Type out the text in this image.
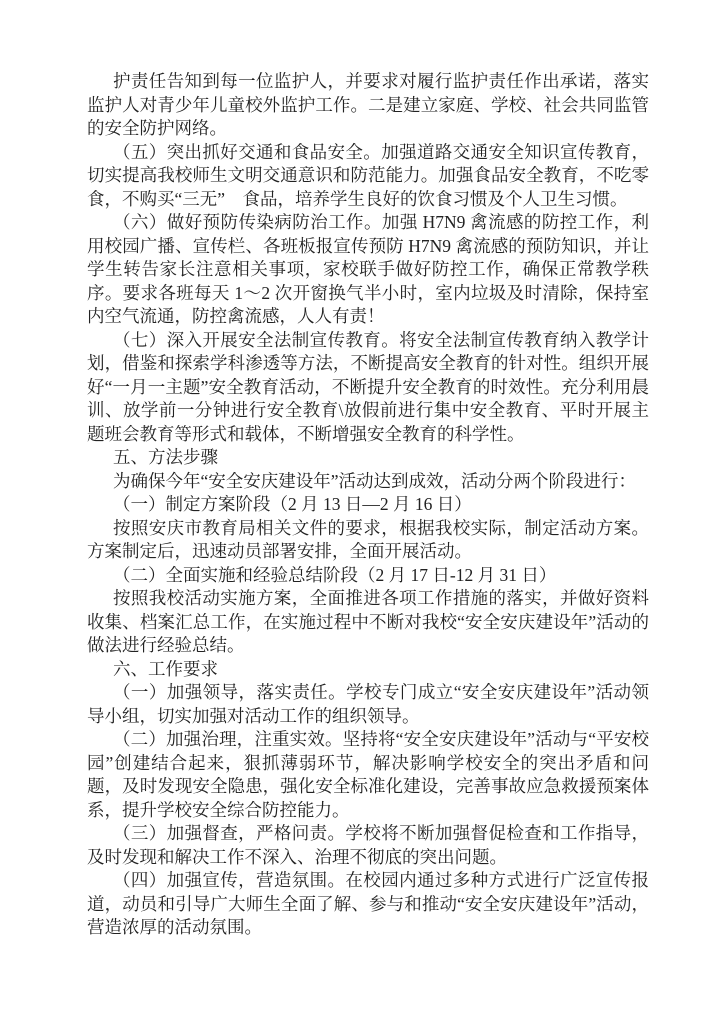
护责任告知到每一位监护人，并要求对履行监护责任作出承诺，落实监护人对青少年儿童校外监护工作。二是建立家庭、学校、社会共同监管的安全防护网络。

（五）突出抓好交通和食品安全。加强道路交通安全知识宣传教育，切实提高我校师生文明交通意识和防范能力。加强食品安全教育，不吃零食，不购买“三无”　食品，培养学生良好的饮食习惯及个人卫生习惯。

（六）做好预防传染病防治工作。加强 H7N9 禽流感的防控工作，利用校园广播、宣传栏、各班板报宣传预防 H7N9 禽流感的预防知识，并让学生转告家长注意相关事项，家校联手做好防控工作，确保正常教学秩序。要求各班每天 1～2 次开窗换气半小时，室内垃圾及时清除，保持室内空气流通，防控禽流感，人人有责！

（七）深入开展安全法制宣传教育。将安全法制宣传教育纳入教学计划，借鉴和探索学科渗透等方法，不断提高安全教育的针对性。组织开展好“一月一主题”安全教育活动，不断提升安全教育的时效性。充分利用晨训、放学前一分钟进行安全教育\放假前进行集中安全教育、平时开展主题班会教育等形式和载体，不断增强安全教育的科学性。

五、方法步骤

为确保今年“安全安庆建设年”活动达到成效，活动分两个阶段进行：

（一）制定方案阶段（2 月 13 日—2 月 16 日）

按照安庆市教育局相关文件的要求，根据我校实际，制定活动方案。方案制定后，迅速动员部署安排，全面开展活动。

（二）全面实施和经验总结阶段（2 月 17 日-12 月 31 日）

按照我校活动实施方案，全面推进各项工作措施的落实，并做好资料收集、档案汇总工作，在实施过程中不断对我校“安全安庆建设年”活动的做法进行经验总结。

六、工作要求

（一）加强领导，落实责任。学校专门成立“安全安庆建设年”活动领导小组，切实加强对活动工作的组织领导。

（二）加强治理，注重实效。坚持将“安全安庆建设年”活动与“平安校园”创建结合起来，狠抓薄弱环节，解决影响学校安全的突出矛盾和问题，及时发现安全隐患，强化安全标准化建设，完善事故应急救援预案体系，提升学校安全综合防控能力。

（三）加强督查，严格问责。学校将不断加强督促检查和工作指导，及时发现和解决工作不深入、治理不彻底的突出问题。

（四）加强宣传，营造氛围。在校园内通过多种方式进行广泛宣传报道，动员和引导广大师生全面了解、参与和推动“安全安庆建设年”活动，营造浓厚的活动氛围。
